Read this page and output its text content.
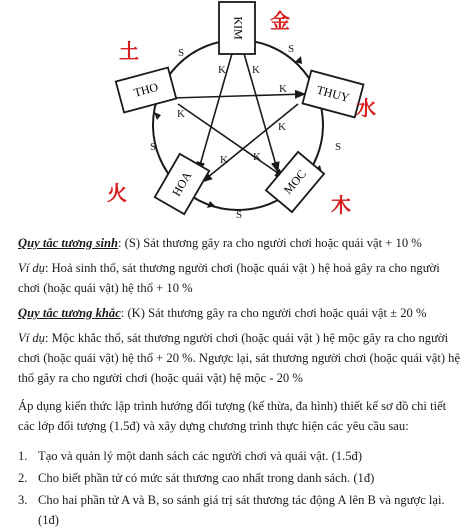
KIM
THUY
MOC
HOA
THO
S	S
S
S
S
K K
K
K
K
K K
金
土
水
火	木
Quy tắc tương sinh: (S) Sát thương gây ra cho người chơi hoặc quái vật + 10 %
Ví dụ: Hoả sinh thổ, sát thương người chơi (hoặc quái vật ) hệ hoả gây ra cho người chơi (hoặc quái vật) hệ thổ + 10 %
Quy tắc tương khắc: (K) Sát thương gây ra cho người chơi hoặc quái vật ± 20 %
Ví dụ: Mộc khắc thổ, sát thương người chơi (hoặc quái vật ) hệ mộc gây ra cho người chơi (hoặc quái vật) hệ thổ + 20 %. Ngược lại, sát thương người chơi (hoặc quái vật) hệ thổ gây ra cho người chơi (hoặc quái vật) hệ mộc - 20 %
Áp dụng kiến thức lập trình hướng đối tượng (kế thừa, đa hình) thiết kế sơ đồ chi tiết các lớp đối tượng (1.5đ) và xây dựng chương trình thực hiện các yêu cầu sau:
1. Tạo và quản lý một danh sách các người chơi và quái vật. (1.5đ)
2. Cho biết phần tử có mức sát thương cao nhất trong danh sách. (1đ)
3. Cho hai phần tử A và B, so sánh giá trị sát thương tác động A lên B và ngược lại. (1đ)
